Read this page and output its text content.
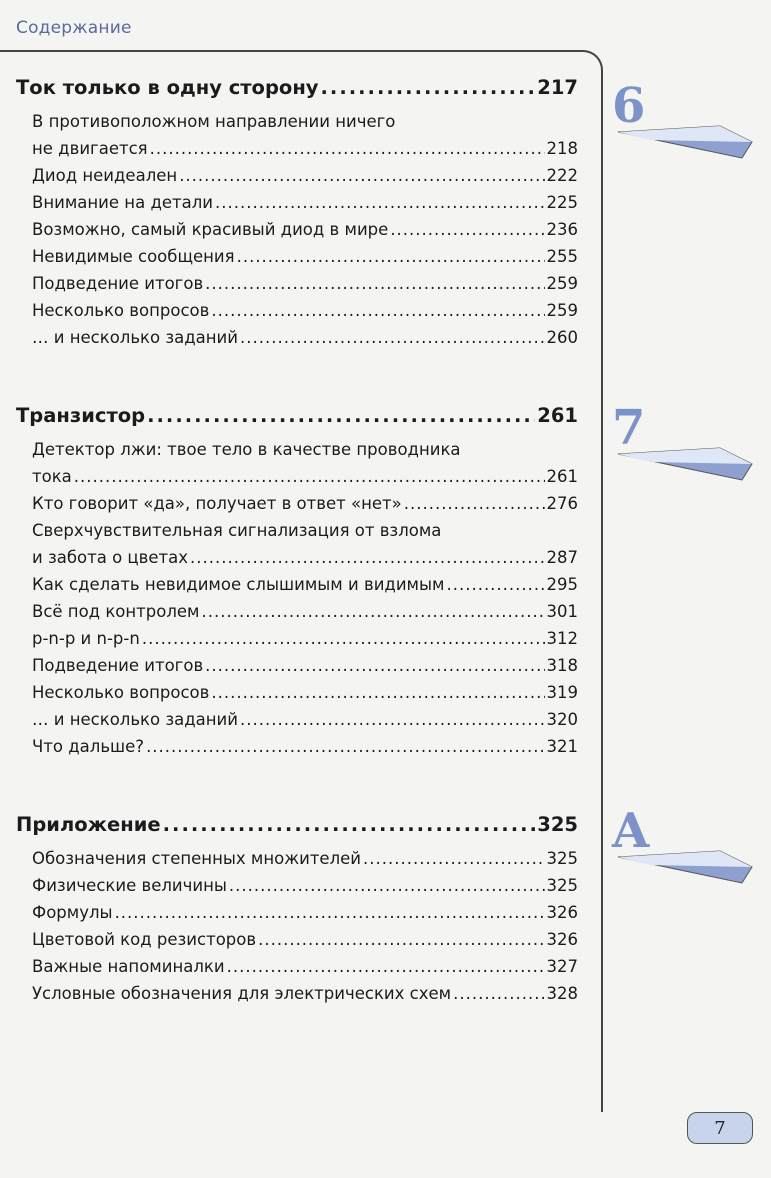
Содержание
Ток только в одну сторону .....	217
В противоположном направлении ничего
не двигается .....	218
Диод неидеален .....	222
Внимание на детали .....	225
Возможно, самый красивый диод в мире .....	236
Невидимые сообщения .....	255
Подведение итогов .....	259
Несколько вопросов .....	259
… и несколько заданий .....	260
Транзистор .....	261
Детектор лжи: твое тело в качестве проводника
тока .....	261
Кто говорит «да», получает в ответ «нет» .....	276
Сверхчувствительная сигнализация от взлома
и забота о цветах .....	287
Как сделать невидимое слышимым и видимым .....	295
Всё под контролем .....	301
p-n-p и n-p-n .....	312
Подведение итогов .....	318
Несколько вопросов .....	319
… и несколько заданий .....	320
Что дальше? .....	321
Приложение .....	325
Обозначения степенных множителей .....	325
Физические величины .....	325
Формулы .....	326
Цветовой код резисторов .....	326
Важные напоминалки .....	327
Условные обозначения для электрических схем .....	328
6
7
A
7
